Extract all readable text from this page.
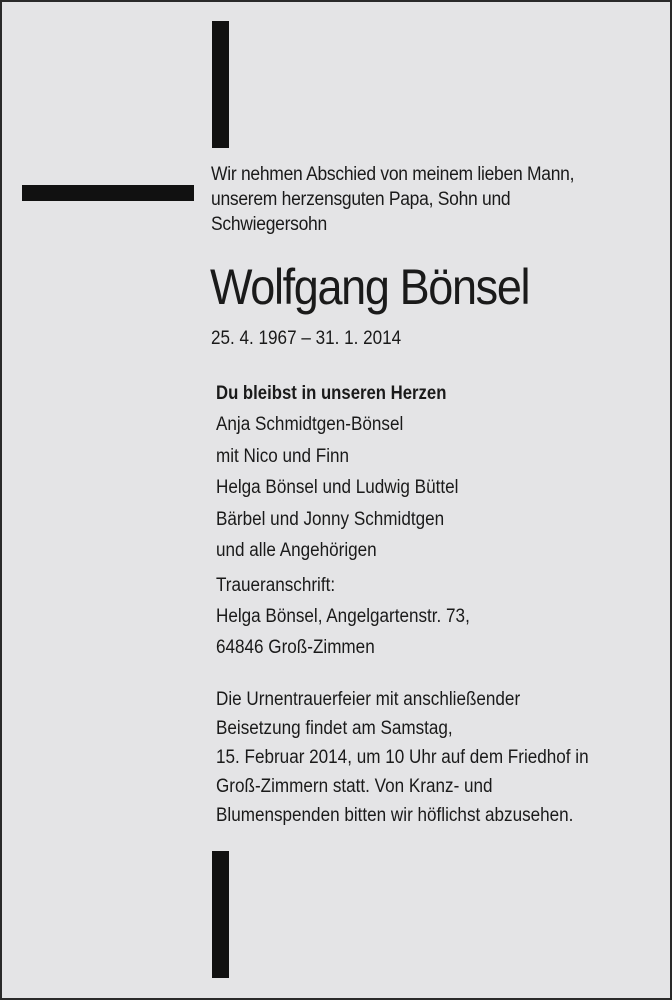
Wir nehmen Abschied von meinem lieben Mann,
unserem herzensguten Papa, Sohn und
Schwiegersohn
Wolfgang Bönsel
25. 4. 1967 – 31. 1. 2014
Du bleibst in unseren Herzen
Anja Schmidtgen-Bönsel
mit Nico und Finn
Helga Bönsel und Ludwig Büttel
Bärbel und Jonny Schmidtgen
und alle Angehörigen
Traueranschrift:
Helga Bönsel, Angelgartenstr. 73,
64846 Groß-Zimmen
Die Urnentrauerfeier mit anschließender
Beisetzung findet am Samstag,
15. Februar 2014, um 10 Uhr auf dem Friedhof in
Groß-Zimmern statt. Von Kranz- und
Blumenspenden bitten wir höflichst abzusehen.
